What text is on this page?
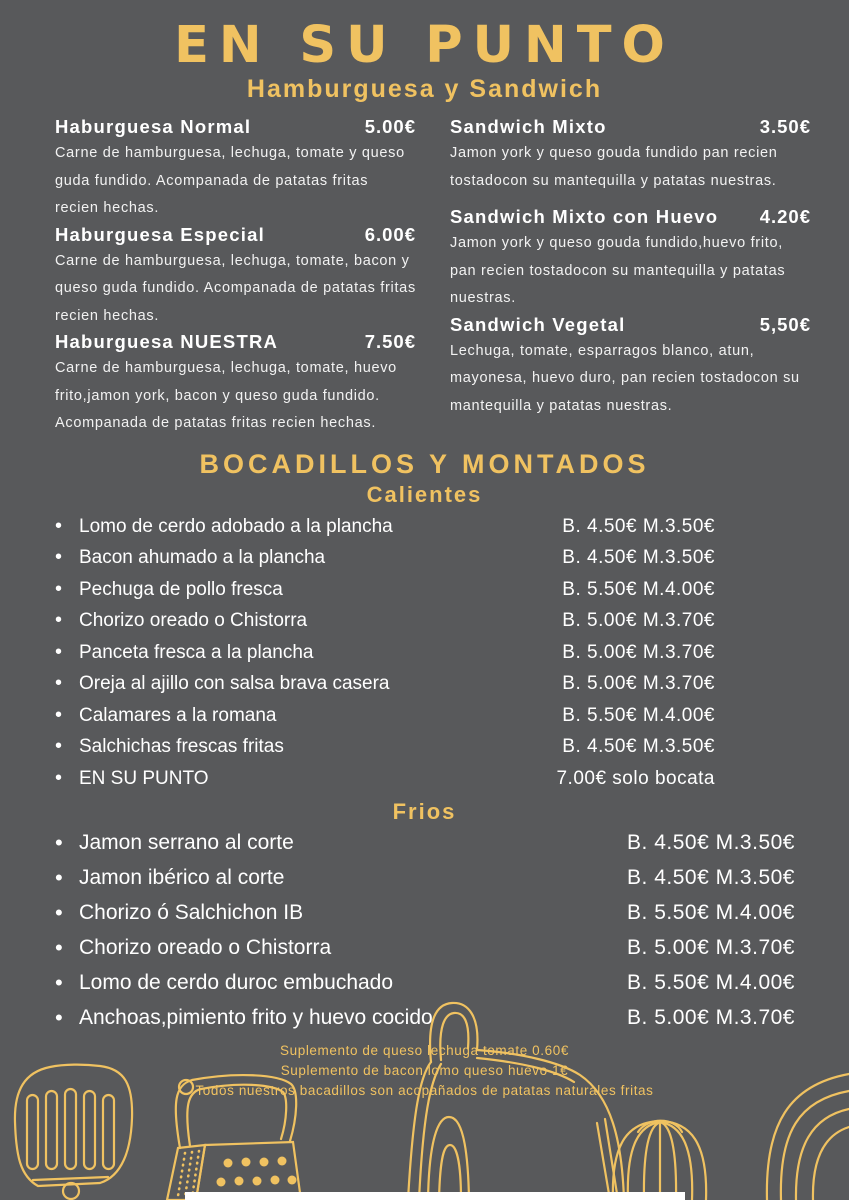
EN SU PUNTO
Hamburguesa y Sandwich
Haburguesa Normal	5.00€
Carne de hamburguesa, lechuga, tomate y queso guda fundido. Acompanada de patatas fritas recien hechas.
Haburguesa Especial	6.00€
Carne de hamburguesa, lechuga, tomate, bacon y queso guda fundido. Acompanada de patatas fritas recien hechas.
Haburguesa NUESTRA	7.50€
Carne de hamburguesa, lechuga, tomate, huevo frito,jamon york, bacon y queso guda fundido. Acompanada de patatas fritas recien hechas.
Sandwich Mixto	3.50€
Jamon york y queso gouda fundido pan recien tostadocon su mantequilla y patatas nuestras.
Sandwich Mixto con Huevo 4.20€
Jamon york y queso gouda fundido,huevo frito, pan recien tostadocon su mantequilla y patatas nuestras.
Sandwich Vegetal	5,50€
Lechuga, tomate, esparragos blanco, atun, mayonesa, huevo duro, pan recien tostadocon su mantequilla y patatas nuestras.
BOCADILLOS Y MONTADOS
Calientes
• Lomo de cerdo adobado a la plancha	B. 4.50€ M.3.50€
• Bacon ahumado a la plancha	B. 4.50€ M.3.50€
• Pechuga de pollo fresca	B. 5.50€ M.4.00€
• Chorizo oreado o Chistorra	B. 5.00€ M.3.70€
• Panceta fresca a la plancha	B. 5.00€ M.3.70€
• Oreja al ajillo con salsa brava casera	B. 5.00€ M.3.70€
• Calamares a la romana	B. 5.50€ M.4.00€
• Salchichas frescas fritas	B. 4.50€ M.3.50€
• EN SU PUNTO	7.00€ solo bocata
Frios
• Jamon serrano al corte	B. 4.50€ M.3.50€
• Jamon ibérico al corte	B. 4.50€ M.3.50€
• Chorizo ó Salchichon IB	B. 5.50€ M.4.00€
• Chorizo oreado o Chistorra	B. 5.00€ M.3.70€
• Lomo de cerdo duroc embuchado	B. 5.50€ M.4.00€
• Anchoas,pimiento frito y huevo cocido	B. 5.00€ M.3.70€
Suplemento de queso lechuga tomate 0.60€
Suplemento de bacon lomo queso huevo 1€
Todos nuestros bacadillos son acopañados de patatas naturales fritas
